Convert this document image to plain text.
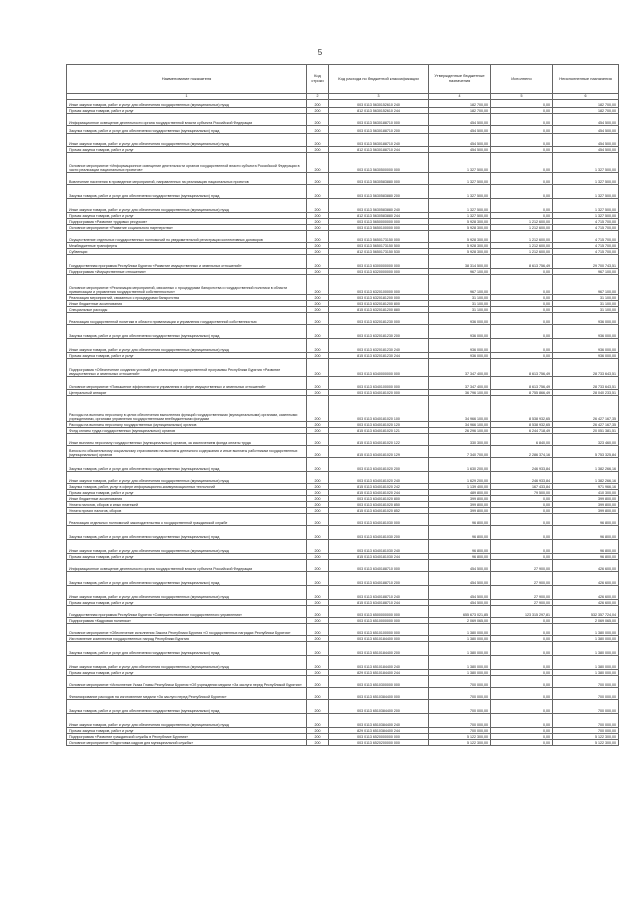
5
Наименование показателя	Код строки	Код расхода по бюджетной классификации	Утвержденные бюджетные назначения	Исполнено	Неисполненные назначения
1	2	3	4	5	6
Иные закупки товаров, работ и услуг для обеспечения государственных (муниципальных) нужд	200	003 0113 5630152610 240	182 700,00	0,00	182 700,00
Прочая закупка товаров, работ и услуг	200	812 0113 5630152610 244	182 700,00	0,00	182 700,00
Информационное освещение деятельности органа государственной власти субъекта Российской Федерации	200	003 0113 5630188710 000	454 500,00	0,00	454 500,00
Закупка товаров, работ и услуг для обеспечения государственных (муниципальных) нужд	200	003 0113 5630188710 200	454 500,00	0,00	454 500,00
Иные закупки товаров, работ и услуг для обеспечения государственных (муниципальных) нужд	200	003 0113 5630188710 240	454 500,00	0,00	454 500,00
Прочая закупка товаров, работ и услуг	200	812 0113 5630188710 244	454 500,00	0,00	454 500,00
Основное мероприятие «Информационное освещение деятельности органов государственной власти субъекта Российской Федерации в части реализации национальных проектов»	200	003 0113 5630500000 000	1 327 500,00	0,00	1 327 500,00
Вовлечение населения в проведение мероприятий, направленных на реализацию национальных проектов	200	003 0113 5630583880 000	1 327 500,00	0,00	1 327 500,00
Закупка товаров, работ и услуг для обеспечения государственных (муниципальных) нужд	200	003 0113 5630583880 200	1 327 500,00	0,00	1 327 500,00
Иные закупки товаров, работ и услуг для обеспечения государственных (муниципальных) нужд	200	003 0113 5630583880 240	1 327 500,00	0,00	1 327 500,00
Прочая закупка товаров, работ и услуг	200	812 0113 5630583880 244	1 327 500,00	0,00	1 327 500,00
Подпрограмма «Развитие трудовых ресурсов»	200	003 0113 5650000000 000	5 928 300,00	1 212 600,00	4 715 700,00
Основное мероприятие «Развитие социального партнерства»	200	003 0113 5650100000 000	5 928 300,00	1 212 600,00	4 715 700,00
Осуществление отдельных государственных полномочий по уведомительной регистрации коллективных договоров	200	003 0113 5650173150 000	5 928 300,00	1 212 600,00	4 715 700,00
Межбюджетные трансферты	200	003 0113 5650173150 500	5 928 300,00	1 212 600,00	4 715 700,00
Субвенции	200	812 0113 5650173150 530	5 928 300,00	1 212 600,00	4 715 700,00
Государственная программа Республики Бурятия «Развитие имущественных и земельных отношений»	200	003 0113 6300000000 000	38 314 500,00	8 613 756,49	29 700 743,51
Подпрограмма «Имущественные отношения»	200	003 0113 6320000000 000	967 100,00	0,00	967 100,00
Основное мероприятие «Реализация мероприятий, связанных с процедурами банкротства и государственной политики в области приватизации и управления государственной собственностью»	200	003 0113 6320100000 000	967 100,00	0,00	967 100,00
Реализация мероприятий, связанных с процедурами банкротства	200	003 0113 6320181200 000	31 100,00	0,00	31 100,00
Иные бюджетные ассигнования	200	003 0113 6320181200 800	31 100,00	0,00	31 100,00
Специальные расходы	200	815 0113 6320181200 880	31 100,00	0,00	31 100,00
Реализация государственной политики в области приватизации и управления государственной собственностью	200	003 0113 6320181230 000	936 000,00	0,00	936 000,00
Закупка товаров, работ и услуг для обеспечения государственных (муниципальных) нужд	200	003 0113 6320181230 200	936 000,00	0,00	936 000,00
Иные закупки товаров, работ и услуг для обеспечения государственных (муниципальных) нужд	200	003 0113 6320181230 240	936 000,00	0,00	936 000,00
Прочая закупка товаров, работ и услуг	200	815 0113 6320181230 244	936 000,00	0,00	936 000,00
Подпрограмма «Обеспечение создания условий для реализации государственной программы Республики Бурятия «Развитие имущественных и земельных отношений»	200	003 0113 6340000000 000	37 347 400,00	8 613 756,49	28 733 643,51
Основное мероприятие «Повышение эффективности управления в сфере имущественных и земельных отношений»	200	003 0113 6340100000 000	37 347 400,00	8 613 756,49	28 733 643,51
Центральный аппарат	200	003 0113 6340181020 000	36 796 100,00	8 755 866,49	28 040 233,51
Расходы на выплаты персоналу в целях обеспечения выполнения функций государственными (муниципальными) органами, казенными учреждениями, органами управления государственными внебюджетными фондами	200	003 0113 6340181020 100	34 966 100,00	8 538 932,65	26 427 167,35
Расходы на выплаты персоналу государственных (муниципальных) органов	200	003 0113 6340181020 120	34 966 100,00	8 538 932,65	26 427 167,35
Фонд оплаты труда государственных (муниципальных) органов	200	815 0113 6340181020 121	26 296 100,00	6 244 718,49	20 051 381,51
Иные выплаты персоналу государственных (муниципальных) органов, за исключением фонда оплаты труда	200	815 0113 6340181020 122	330 300,00	6 840,00	323 460,00
Взносы по обязательному социальному страхованию на выплаты денежного содержания и иные выплаты работникам государственных (муниципальных) органов	200	815 0113 6340181020 129	7 340 700,00	2 286 374,16	5 753 325,84
Закупка товаров, работ и услуг для обеспечения государственных (муниципальных) нужд	200	003 0113 6340181020 200	1 630 200,00	246 933,84	1 382 266,16
Иные закупки товаров, работ и услуг для обеспечения государственных (муниципальных) нужд	200	003 0113 6340181020 240	1 629 200,00	246 933,84	1 382 266,16
Закупка товаров, работ, услуг в сфере информационно-коммуникационных технологий	200	815 0113 6340181020 242	1 139 400,00	167 433,84	971 966,16
Прочая закупка товаров, работ и услуг	200	815 0113 6340181020 244	489 800,00	79 500,00	410 300,00
Иные бюджетные ассигнования	200	003 0113 6340181020 800	399 800,00	0,00	399 800,00
Уплата налогов, сборов и иных платежей	200	003 0113 6340181020 850	399 800,00	0,00	399 800,00
Уплата прочих налогов, сборов	200	815 0113 6340181020 852	399 800,00	0,00	399 800,00
Реализация отдельных полномочий законодательства о государственной гражданской службе	200	003 0113 6340181030 000	96 800,00	0,00	96 800,00
Закупка товаров, работ и услуг для обеспечения государственных (муниципальных) нужд	200	003 0113 6340181030 200	96 800,00	0,00	96 800,00
Иные закупки товаров, работ и услуг для обеспечения государственных (муниципальных) нужд	200	003 0113 6340181030 240	96 800,00	0,00	96 800,00
Прочая закупка товаров, работ и услуг	200	815 0113 6340181030 244	96 800,00	0,00	96 800,00
Информационное освещение деятельности органа государственной власти субъекта Российской Федерации	200	003 0113 6340188710 000	454 500,00	27 900,00	426 600,00
Закупка товаров, работ и услуг для обеспечения государственных (муниципальных) нужд	200	003 0113 6340188710 200	454 500,00	27 900,00	426 600,00
Иные закупки товаров, работ и услуг для обеспечения государственных (муниципальных) нужд	200	003 0113 6340188710 240	454 500,00	27 900,00	426 600,00
Прочая закупка товаров, работ и услуг	200	815 0113 6340188710 244	454 500,00	27 900,00	426 600,00
Государственная программа Республики Бурятия «Совершенствование государственного управления»	200	003 0113 6500000000 000	655 673 021,85	123 315 297,81	532 357 724,04
Подпрограмма «Кадровая политика»	200	003 0113 6510000000 000	2 069 065,00	0,00	2 069 065,00
Основное мероприятие «Обеспечение исполнения Закона Республики Бурятия «О государственных наградах Республики Бурятия»	200	003 0113 6510100000 000	1 380 000,00	0,00	1 380 000,00
Изготовление комплектов государственных наград Республики Бурятия	200	003 0113 6510184400 000	1 380 000,00	0,00	1 380 000,00
Закупка товаров, работ и услуг для обеспечения государственных (муниципальных) нужд	200	003 0113 6510184400 200	1 380 000,00	0,00	1 380 000,00
Иные закупки товаров, работ и услуг для обеспечения государственных (муниципальных) нужд	200	003 0113 6510184400 240	1 380 000,00	0,00	1 380 000,00
Прочая закупка товаров, работ и услуг	200	829 0113 6510184400 244	1 380 000,00	0,00	1 380 000,00
Основное мероприятие «Исполнение Указа Главы Республики Бурятия «Об учреждении медали «За заслуги перед Республикой Бурятия»	200	003 0113 6510300000 000	700 000,00	0,00	700 000,00
Финансирование расходов на изготовление медали «За заслуги перед Республикой Бурятия»	200	003 0113 6510384400 000	700 000,00	0,00	700 000,00
Закупка товаров, работ и услуг для обеспечения государственных (муниципальных) нужд	200	003 0113 6510384400 200	700 000,00	0,00	700 000,00
Иные закупки товаров, работ и услуг для обеспечения государственных (муниципальных) нужд	200	003 0113 6510384400 240	700 000,00	0,00	700 000,00
Прочая закупка товаров, работ и услуг	200	829 0113 6510384400 244	700 000,00	0,00	700 000,00
Подпрограмма «Развитие гражданской службы в Республике Бурятия»	200	003 0113 6520000000 000	5 122 300,00	0,00	5 122 300,00
Основное мероприятие «Подготовка кадров для муниципальной службы»	200	003 0113 6520200000 000	5 122 300,00	0,00	5 122 300,00
